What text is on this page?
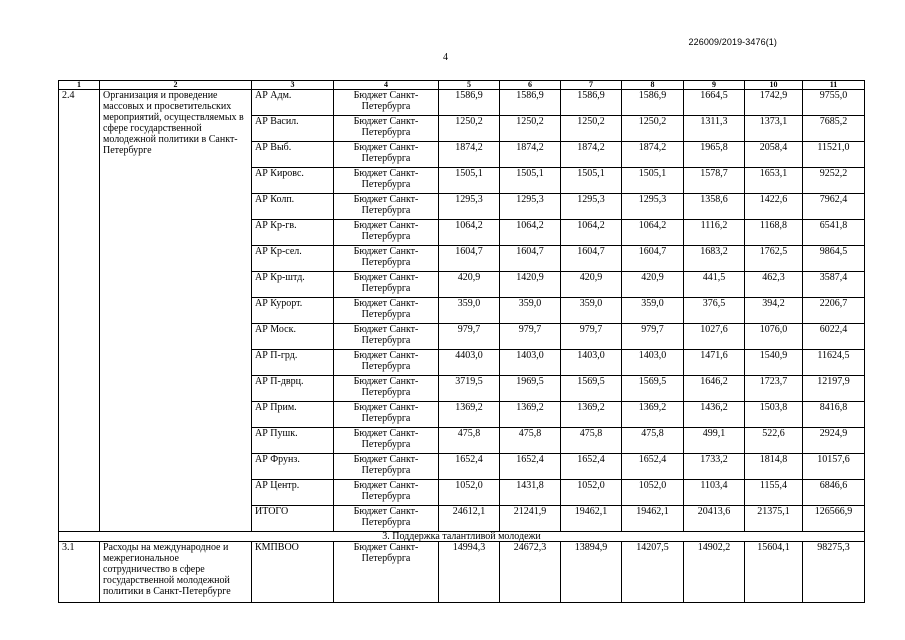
226009/2019-3476(1)
4
1	2	3	4	5	6	7	8	9	10	11
2.4	Организация и проведение массовых и просветительских мероприятий, осуществляемых в сфере государственной молодежной политики в Санкт-Петербурге	АР Адм.	Бюджет Санкт-Петербурга	1586,9	1586,9	1586,9	1586,9	1664,5	1742,9	9755,0
		АР Васил.	Бюджет Санкт-Петербурга	1250,2	1250,2	1250,2	1250,2	1311,3	1373,1	7685,2
		АР Выб.	Бюджет Санкт-Петербурга	1874,2	1874,2	1874,2	1874,2	1965,8	2058,4	11521,0
		АР Кировс.	Бюджет Санкт-Петербурга	1505,1	1505,1	1505,1	1505,1	1578,7	1653,1	9252,2
		АР Колп.	Бюджет Санкт-Петербурга	1295,3	1295,3	1295,3	1295,3	1358,6	1422,6	7962,4
		АР Кр-гв.	Бюджет Санкт-Петербурга	1064,2	1064,2	1064,2	1064,2	1116,2	1168,8	6541,8
		АР Кр-сел.	Бюджет Санкт-Петербурга	1604,7	1604,7	1604,7	1604,7	1683,2	1762,5	9864,5
		АР Кр-штд.	Бюджет Санкт-Петербурга	420,9	1420,9	420,9	420,9	441,5	462,3	3587,4
		АР Курорт.	Бюджет Санкт-Петербурга	359,0	359,0	359,0	359,0	376,5	394,2	2206,7
		АР Моск.	Бюджет Санкт-Петербурга	979,7	979,7	979,7	979,7	1027,6	1076,0	6022,4
		АР П-грд.	Бюджет Санкт-Петербурга	4403,0	1403,0	1403,0	1403,0	1471,6	1540,9	11624,5
		АР П-дврц.	Бюджет Санкт-Петербурга	3719,5	1969,5	1569,5	1569,5	1646,2	1723,7	12197,9
		АР Прим.	Бюджет Санкт-Петербурга	1369,2	1369,2	1369,2	1369,2	1436,2	1503,8	8416,8
		АР Пушк.	Бюджет Санкт-Петербурга	475,8	475,8	475,8	475,8	499,1	522,6	2924,9
		АР Фрунз.	Бюджет Санкт-Петербурга	1652,4	1652,4	1652,4	1652,4	1733,2	1814,8	10157,6
		АР Центр.	Бюджет Санкт-Петербурга	1052,0	1431,8	1052,0	1052,0	1103,4	1155,4	6846,6
		ИТОГО	Бюджет Санкт-Петербурга	24612,1	21241,9	19462,1	19462,1	20413,6	21375,1	126566,9
3. Поддержка талантливой молодежи										
3.1	Расходы на международное и межрегиональное сотрудничество в сфере государственной молодежной политики в Санкт-Петербурге	КМПВОО	Бюджет Санкт-Петербурга	14994,3	24672,3	13894,9	14207,5	14902,2	15604,1	98275,3
